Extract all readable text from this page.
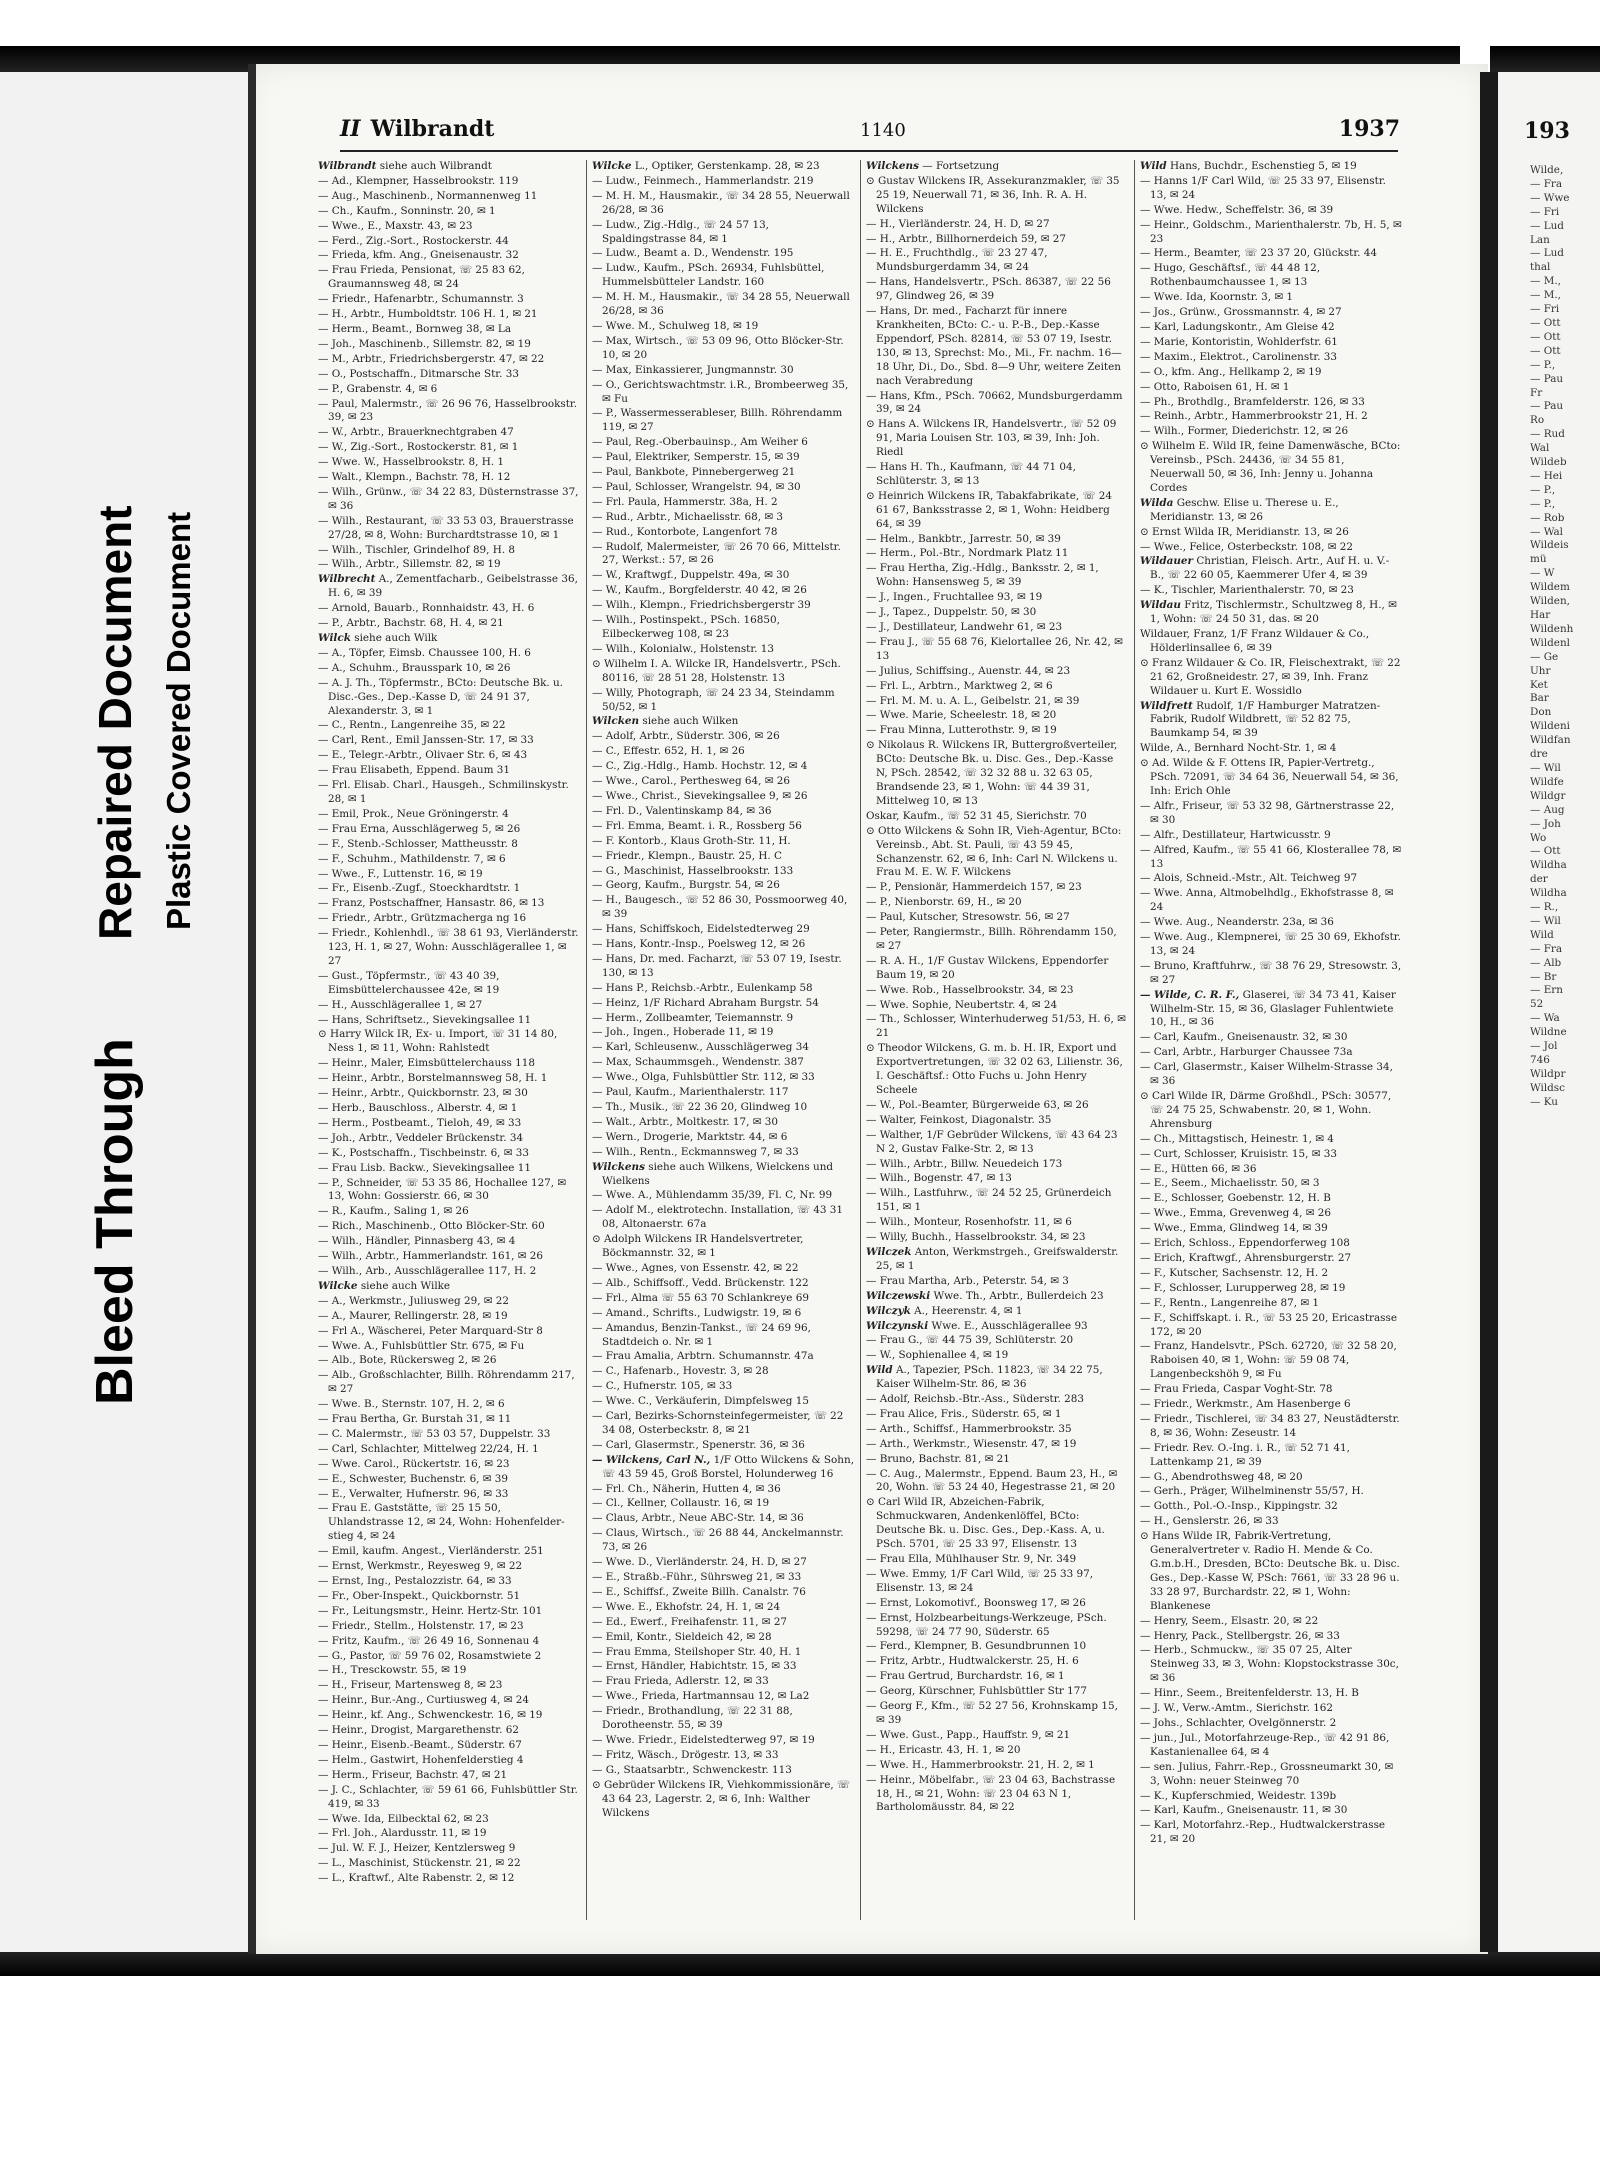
Bleed Through
Repaired Document Plastic Covered Document
II Wilbrandt	1140	1937
Wilbrandt siehe auch Wilbrandt
— Ad., Klempner, Hasselbrookstr. 119
— Aug., Maschinenb., Normannenweg 11
— Ch., Kaufm., Sonninstr. 20, ✉ 1
— Wwe., E., Maxstr. 43, ✉ 23
— Ferd., Zig.-Sort., Rostockerstr. 44
— Frieda, kfm. Ang., Gneisenaustr. 32
— Frau Frieda, Pensionat, ☏ 25 83 62, Graumannsweg 48, ✉ 24
— Friedr., Hafenarbtr., Schumannstr. 3
— H., Arbtr., Humboldtstr. 106 H. 1, ✉ 21
— Herm., Beamt., Bornweg 38, ✉ La
— Joh., Maschinenb., Sillemstr. 82, ✉ 19
— M., Arbtr., Friedrichsbergerstr. 47, ✉ 22
— O., Postschaffn., Ditmarsche Str. 33
— P., Grabenstr. 4, ✉ 6
— Paul, Malermstr., ☏ 26 96 76, Hasselbrookstr. 39, ✉ 23
— W., Arbtr., Brauerknechtgraben 47
— W., Zig.-Sort., Rostockerstr. 81, ✉ 1
— Wwe. W., Hasselbrookstr. 8, H. 1
— Walt., Klempn., Bachstr. 78, H. 12
— Wilh., Grünw., ☏ 34 22 83, Düsternstrasse 37, ✉ 36
— Wilh., Restaurant, ☏ 33 53 03, Brauerstrasse 27/28, ✉ 8, Wohn: Burchardtstrasse 10, ✉ 1
— Wilh., Tischler, Grindelhof 89, H. 8
— Wilh., Arbtr., Sillemstr. 82, ✉ 19
Wilbrecht A., Zementfacharb., Geibelstrasse 36, H. 6, ✉ 39
— Arnold, Bauarb., Ronnhaidstr. 43, H. 6
— P., Arbtr., Bachstr. 68, H. 4, ✉ 21
Wilck siehe auch Wilk
— A., Töpfer, Eimsb. Chaussee 100, H. 6
— A., Schuhm., Brausspark 10, ✉ 26
— A. J. Th., Töpfermstr., BCto: Deutsche Bk. u. Disc.-Ges., Dep.-Kasse D, ☏ 24 91 37, Alexanderstr. 3, ✉ 1
— C., Rentn., Langenreihe 35, ✉ 22
— Carl, Rent., Emil Janssen-Str. 17, ✉ 33
— E., Telegr.-Arbtr., Olivaer Str. 6, ✉ 43
— Frau Elisabeth, Eppend. Baum 31
— Frl. Elisab. Charl., Hausgeh., Schmilinskystr. 28, ✉ 1
— Emil, Prok., Neue Gröningerstr. 4
— Frau Erna, Ausschlägerweg 5, ✉ 26
— F., Stenb.-Schlosser, Mattheusstr. 8
— F., Schuhm., Mathildenstr. 7, ✉ 6
— Wwe., F., Luttenstr. 16, ✉ 19
— Fr., Eisenb.-Zugf., Stoeckhardtstr. 1
— Franz, Postschaffner, Hansastr. 86, ✉ 13
— Friedr., Arbtr., Grützmacherga ng 16
— Friedr., Kohlenhdl., ☏ 38 61 93, Vierländerstr. 123, H. 1, ✉ 27, Wohn: Ausschlägerallee 1, ✉ 27
— Gust., Töpfermstr., ☏ 43 40 39, Eimsbüttelerchaussee 42e, ✉ 19
— H., Ausschlägerallee 1, ✉ 27
— Hans, Schriftsetz., Sievekingsallee 11
⊙ Harry Wilck IR, Ex- u. Import, ☏ 31 14 80, Ness 1, ✉ 11, Wohn: Rahlstedt
— Heinr., Maler, Eimsbüttelerchauss 118
— Heinr., Arbtr., Borstelmannsweg 58, H. 1
— Heinr., Arbtr., Quickbornstr. 23, ✉ 30
— Herb., Bauschloss., Alberstr. 4, ✉ 1
— Herm., Postbeamt., Tieloh, 49, ✉ 33
— Joh., Arbtr., Veddeler Brückenstr. 34
— K., Postschaffn., Tischbeinstr. 6, ✉ 33
— Frau Lisb. Backw., Sievekingsallee 11
— P., Schneider, ☏ 53 35 86, Hochallee 127, ✉ 13, Wohn: Gossierstr. 66, ✉ 30
— R., Kaufm., Saling 1, ✉ 26
— Rich., Maschinenb., Otto Blöcker-Str. 60
— Wilh., Händler, Pinnasberg 43, ✉ 4
— Wilh., Arbtr., Hammerlandstr. 161, ✉ 26
— Wilh., Arb., Ausschlägerallee 117, H. 2
Wilcke siehe auch Wilke
— A., Werkmstr., Juliusweg 29, ✉ 22
— A., Maurer, Rellingerstr. 28, ✉ 19
— Frl A., Wäscherei, Peter Marquard-Str 8
— Wwe. A., Fuhlsbüttler Str. 675, ✉ Fu
— Alb., Bote, Rückersweg 2, ✉ 26
— Alb., Großschlachter, Billh. Röhrendamm 217, ✉ 27
— Wwe. B., Sternstr. 107, H. 2, ✉ 6
— Frau Bertha, Gr. Burstah 31, ✉ 11
— C. Malermstr., ☏ 53 03 57, Duppelstr. 33
— Carl, Schlachter, Mittelweg 22/24, H. 1
— Wwe. Carol., Rückertstr. 16, ✉ 23
— E., Schwester, Buchenstr. 6, ✉ 39
— E., Verwalter, Hufnerstr. 96, ✉ 33
— Frau E. Gaststätte, ☏ 25 15 50, Uhlandstrasse 12, ✉ 24, Wohn: Hohenfelder-stieg 4, ✉ 24
— Emil, kaufm. Angest., Vierländerstr. 251
— Ernst, Werkmstr., Reyesweg 9, ✉ 22
— Ernst, Ing., Pestalozzistr. 64, ✉ 33
— Fr., Ober-Inspekt., Quickbornstr. 51
— Fr., Leitungsmstr., Heinr. Hertz-Str. 101
— Friedr., Stellm., Holstenstr. 17, ✉ 23
— Fritz, Kaufm., ☏ 26 49 16, Sonnenau 4
— G., Pastor, ☏ 59 76 02, Rosamstwiete 2
— H., Tresckowstr. 55, ✉ 19
— H., Friseur, Martensweg 8, ✉ 23
— Heinr., Bur.-Ang., Curtiusweg 4, ✉ 24
— Heinr., kf. Ang., Schwenckestr. 16, ✉ 19
— Heinr., Drogist, Margarethenstr. 62
— Heinr., Eisenb.-Beamt., Süderstr. 67
— Helm., Gastwirt, Hohenfelderstieg 4
— Herm., Friseur, Bachstr. 47, ✉ 21
— J. C., Schlachter, ☏ 59 61 66, Fuhlsbüttler Str. 419, ✉ 33
— Wwe. Ida, Eilbecktal 62, ✉ 23
— Frl. Joh., Alardusstr. 11, ✉ 19
— Jul. W. F. J., Heizer, Kentzlersweg 9
— L., Maschinist, Stückenstr. 21, ✉ 22
— L., Kraftwf., Alte Rabenstr. 2, ✉ 12
Wilcke L., Optiker, Gerstenkamp. 28, ✉ 23
— Ludw., Feinmech., Hammerlandstr. 219
— M. H. M., Hausmakir., ☏ 34 28 55, Neuerwall 26/28, ✉ 36
— Ludw., Zig.-Hdlg., ☏ 24 57 13, Spaldingstrasse 84, ✉ 1
— Ludw., Beamt a. D., Wendenstr. 195
— Ludw., Kaufm., PSch. 26934, Fuhlsbüttel, Hummelsbütteler Landstr. 160
— M. H. M., Hausmakir., ☏ 34 28 55, Neuerwall 26/28, ✉ 36
— Wwe. M., Schulweg 18, ✉ 19
— Max, Wirtsch., ☏ 53 09 96, Otto Blöcker-Str. 10, ✉ 20
— Max, Einkassierer, Jungmannstr. 30
— O., Gerichtswachtmstr. i.R., Brombeerweg 35, ✉ Fu
— P., Wassermesserableser, Billh. Röhrendamm 119, ✉ 27
— Paul, Reg.-Oberbauinsp., Am Weiher 6
— Paul, Elektriker, Semperstr. 15, ✉ 39
— Paul, Bankbote, Pinnebergerweg 21
— Paul, Schlosser, Wrangelstr. 94, ✉ 30
— Frl. Paula, Hammerstr. 38a, H. 2
— Rud., Arbtr., Michaelisstr. 68, ✉ 3
— Rud., Kontorbote, Langenfort 78
— Rudolf, Malermeister, ☏ 26 70 66, Mittelstr. 27, Werkst.: 57, ✉ 26
— W., Kraftwgf., Duppelstr. 49a, ✉ 30
— W., Kaufm., Borgfelderstr. 40 42, ✉ 26
— Wilh., Klempn., Friedrichsbergerstr 39
— Wilh., Postinspekt., PSch. 16850, Eilbeckerweg 108, ✉ 23
— Wilh., Kolonialw., Holstenstr. 13
⊙ Wilhelm I. A. Wilcke IR, Handelsvertr., PSch. 80116, ☏ 28 51 28, Holstenstr. 13
— Willy, Photograph, ☏ 24 23 34, Steindamm 50/52, ✉ 1
Wilcken siehe auch Wilken
— Adolf, Arbtr., Süderstr. 306, ✉ 26
— C., Effestr. 652, H. 1, ✉ 26
— C., Zig.-Hdlg., Hamb. Hochstr. 12, ✉ 4
— Wwe., Carol., Perthesweg 64, ✉ 26
— Wwe., Christ., Sievekingsallee 9, ✉ 26
— Frl. D., Valentinskamp 84, ✉ 36
— Frl. Emma, Beamt. i. R., Rossberg 56
— F. Kontorb., Klaus Groth-Str. 11, H.
— Friedr., Klempn., Baustr. 25, H. C
— G., Maschinist, Hasselbrookstr. 133
— Georg, Kaufm., Burgstr. 54, ✉ 26
— H., Baugesch., ☏ 52 86 30, Possmoorweg 40, ✉ 39
— Hans, Schiffskoch, Eidelstedterweg 29
— Hans, Kontr.-Insp., Poelsweg 12, ✉ 26
— Hans, Dr. med. Facharzt, ☏ 53 07 19, Isestr. 130, ✉ 13
— Hans P., Reichsb.-Arbtr., Eulenkamp 58
— Heinz, 1/F Richard Abraham Burgstr. 54
— Herm., Zollbeamter, Teiemannstr. 9
— Joh., Ingen., Hoberade 11, ✉ 19
— Karl, Schleusenw., Ausschlägerweg 34
— Max, Schaummsgeh., Wendenstr. 387
— Wwe., Olga, Fuhlsbüttler Str. 112, ✉ 33
— Paul, Kaufm., Marienthalerstr. 117
— Th., Musik., ☏ 22 36 20, Glindweg 10
— Walt., Arbtr., Moltkestr. 17, ✉ 30
— Wern., Drogerie, Marktstr. 44, ✉ 6
— Wilh., Rentn., Eckmannsweg 7, ✉ 33
Wilckens siehe auch Wilkens, Wielckens und Wielkens
— Wwe. A., Mühlendamm 35/39, Fl. C, Nr. 99
— Adolf M., elektrotechn. Installation, ☏ 43 31 08, Altonaerstr. 67a
⊙ Adolph Wilckens IR Handelsvertreter, Böckmannstr. 32, ✉ 1
— Wwe., Agnes, von Essenstr. 42, ✉ 22
— Alb., Schiffsoff., Vedd. Brückenstr. 122
— Frl., Alma ☏ 55 63 70 Schlankreye 69
— Amand., Schrifts., Ludwigstr. 19, ✉ 6
— Amandus, Benzin-Tankst., ☏ 24 69 96, Stadtdeich o. Nr. ✉ 1
— Frau Amalia, Arbtrn. Schumannstr. 47a
— C., Hafenarb., Hovestr. 3, ✉ 28
— C., Hufnerstr. 105, ✉ 33
— Wwe. C., Verkäuferin, Dimpfelsweg 15
— Carl, Bezirks-Schornsteinfegermeister, ☏ 22 34 08, Osterbeckstr. 8, ✉ 21
— Carl, Glasermstr., Spenerstr. 36, ✉ 36
— Wilckens, Carl N., 1/F Otto Wilckens & Sohn, ☏ 43 59 45, Groß Borstel, Holunderweg 16
— Frl. Ch., Näherin, Hutten 4, ✉ 36
— Cl., Kellner, Collaustr. 16, ✉ 19
— Claus, Arbtr., Neue ABC-Str. 14, ✉ 36
— Claus, Wirtsch., ☏ 26 88 44, Anckelmannstr. 73, ✉ 26
— Wwe. D., Vierländerstr. 24, H. D, ✉ 27
— E., Straßb.-Führ., Sührsweg 21, ✉ 33
— E., Schiffsf., Zweite Billh. Canalstr. 76
— Wwe. E., Ekhofstr. 24, H. 1, ✉ 24
— Ed., Ewerf., Freihafenstr. 11, ✉ 27
— Emil, Kontr., Sieldeich 42, ✉ 28
— Frau Emma, Steilshoper Str. 40, H. 1
— Ernst, Händler, Habichtstr. 15, ✉ 33
— Frau Frieda, Adlerstr. 12, ✉ 33
— Wwe., Frieda, Hartmannsau 12, ✉ La2
— Friedr., Brothandlung, ☏ 22 31 88, Dorotheenstr. 55, ✉ 39
— Wwe. Friedr., Eidelstedterweg 97, ✉ 19
— Fritz, Wäsch., Drögestr. 13, ✉ 33
— G., Staatsarbtr., Schwenckestr. 113
⊙ Gebrüder Wilckens IR, Viehkommissionäre, ☏ 43 64 23, Lagerstr. 2, ✉ 6, Inh: Walther Wilckens
Wilckens — Fortsetzung
⊙ Gustav Wilckens IR, Assekuranzmakler, ☏ 35 25 19, Neuerwall 71, ✉ 36, Inh. R. A. H. Wilckens
— H., Vierländerstr. 24, H. D, ✉ 27
— H., Arbtr., Billhornerdeich 59, ✉ 27
— H. E., Fruchthdlg., ☏ 23 27 47, Mundsburgerdamm 34, ✉ 24
— Hans, Handelsvertr., PSch. 86387, ☏ 22 56 97, Glindweg 26, ✉ 39
— Hans, Dr. med., Facharzt für innere Krankheiten, BCto: C.- u. P.-B., Dep.-Kasse Eppendorf, PSch. 82814, ☏ 53 07 19, Isestr. 130, ✉ 13, Sprechst: Mo., Mi., Fr. nachm. 16—18 Uhr, Di., Do., Sbd. 8—9 Uhr, weitere Zeiten nach Verabredung
— Hans, Kfm., PSch. 70662, Mundsburgerdamm 39, ✉ 24
⊙ Hans A. Wilckens IR, Handelsvertr., ☏ 52 09 91, Maria Louisen Str. 103, ✉ 39, Inh: Joh. Riedl
— Hans H. Th., Kaufmann, ☏ 44 71 04, Schlüterstr. 3, ✉ 13
⊙ Heinrich Wilckens IR, Tabakfabrikate, ☏ 24 61 67, Banksstrasse 2, ✉ 1, Wohn: Heidberg 64, ✉ 39
— Helm., Bankbtr., Jarrestr. 50, ✉ 39
— Herm., Pol.-Btr., Nordmark Platz 11
— Frau Hertha, Zig.-Hdlg., Banksstr. 2, ✉ 1, Wohn: Hansensweg 5, ✉ 39
— J., Ingen., Fruchtallee 93, ✉ 19
— J., Tapez., Duppelstr. 50, ✉ 30
— J., Destillateur, Landwehr 61, ✉ 23
— Frau J., ☏ 55 68 76, Kielortallee 26, Nr. 42, ✉ 13
— Julius, Schiffsing., Auenstr. 44, ✉ 23
— Frl. L., Arbtrn., Marktweg 2, ✉ 6
— Frl. M. M. u. A. L., Geibelstr. 21, ✉ 39
— Wwe. Marie, Scheelestr. 18, ✉ 20
— Frau Minna, Lutterothstr. 9, ✉ 19
⊙ Nikolaus R. Wilckens IR, Buttergroßverteiler, BCto: Deutsche Bk. u. Disc. Ges., Dep.-Kasse N, PSch. 28542, ☏ 32 32 88 u. 32 63 05, Brandsende 23, ✉ 1, Wohn: ☏ 44 39 31, Mittelweg 10, ✉ 13
Oskar, Kaufm., ☏ 52 31 45, Sierichstr. 70
⊙ Otto Wilckens & Sohn IR, Vieh-Agentur, BCto: Vereinsb., Abt. St. Pauli, ☏ 43 59 45, Schanzenstr. 62, ✉ 6, Inh: Carl N. Wilckens u. Frau M. E. W. F. Wilckens
— P., Pensionär, Hammerdeich 157, ✉ 23
— P., Nienborstr. 69, H., ✉ 20
— Paul, Kutscher, Stresowstr. 56, ✉ 27
— Peter, Rangiermstr., Billh. Röhrendamm 150, ✉ 27
— R. A. H., 1/F Gustav Wilckens, Eppendorfer Baum 19, ✉ 20
— Wwe. Rob., Hasselbrookstr. 34, ✉ 23
— Wwe. Sophie, Neubertstr. 4, ✉ 24
— Th., Schlosser, Winterhuderweg 51/53, H. 6, ✉ 21
⊙ Theodor Wilckens, G. m. b. H. IR, Export und Exportvertretungen, ☏ 32 02 63, Lilienstr. 36, I. Geschäftsf.: Otto Fuchs u. John Henry Scheele
— W., Pol.-Beamter, Bürgerweide 63, ✉ 26
— Walter, Feinkost, Diagonalstr. 35
— Walther, 1/F Gebrüder Wilckens, ☏ 43 64 23 N 2, Gustav Falke-Str. 2, ✉ 13
— Wilh., Arbtr., Billw. Neuedeich 173
— Wilh., Bogenstr. 47, ✉ 13
— Wilh., Lastfuhrw., ☏ 24 52 25, Grünerdeich 151, ✉ 1
— Wilh., Monteur, Rosenhofstr. 11, ✉ 6
— Willy, Buchh., Hasselbrookstr. 34, ✉ 23
Wilczek Anton, Werkmstrgeh., Greifswalderstr. 25, ✉ 1
— Frau Martha, Arb., Peterstr. 54, ✉ 3
Wilczewski Wwe. Th., Arbtr., Bullerdeich 23
Wilczyk A., Heerenstr. 4, ✉ 1
Wilczynski Wwe. E., Ausschlägerallee 93
— Frau G., ☏ 44 75 39, Schlüterstr. 20
— W., Sophienallee 4, ✉ 19
Wild A., Tapezier, PSch. 11823, ☏ 34 22 75, Kaiser Wilhelm-Str. 86, ✉ 36
— Adolf, Reichsb.-Btr.-Ass., Süderstr. 283
— Frau Alice, Fris., Süderstr. 65, ✉ 1
— Arth., Schiffsf., Hammerbrookstr. 35
— Arth., Werkmstr., Wiesenstr. 47, ✉ 19
— Bruno, Bachstr. 81, ✉ 21
— C. Aug., Malermstr., Eppend. Baum 23, H., ✉ 20, Wohn. ☏ 53 24 40, Hegestrasse 21, ✉ 20
⊙ Carl Wild IR, Abzeichen-Fabrik, Schmuckwaren, Andenkenlöffel, BCto: Deutsche Bk. u. Disc. Ges., Dep.-Kass. A, u. PSch. 5701, ☏ 25 33 97, Elisenstr. 13
— Frau Ella, Mühlhauser Str. 9, Nr. 349
— Wwe. Emmy, 1/F Carl Wild, ☏ 25 33 97, Elisenstr. 13, ✉ 24
— Ernst, Lokomotivf., Boonsweg 17, ✉ 26
— Ernst, Holzbearbeitungs-Werkzeuge, PSch. 59298, ☏ 24 77 90, Süderstr. 65
— Ferd., Klempner, B. Gesundbrunnen 10
— Fritz, Arbtr., Hudtwalckerstr. 25, H. 6
— Frau Gertrud, Burchardstr. 16, ✉ 1
— Georg, Kürschner, Fuhlsbüttler Str 177
— Georg F., Kfm., ☏ 52 27 56, Krohnskamp 15, ✉ 39
— Wwe. Gust., Papp., Hauffstr. 9, ✉ 21
— H., Ericastr. 43, H. 1, ✉ 20
— Wwe. H., Hammerbrookstr. 21, H. 2, ✉ 1
— Heinr., Möbelfabr., ☏ 23 04 63, Bachstrasse 18, H., ✉ 21, Wohn: ☏ 23 04 63 N 1, Bartholomäusstr. 84, ✉ 22
Wild Hans, Buchdr., Eschenstieg 5, ✉ 19
— Hanns 1/F Carl Wild, ☏ 25 33 97, Elisenstr. 13, ✉ 24
— Wwe. Hedw., Scheffelstr. 36, ✉ 39
— Heinr., Goldschm., Marienthalerstr. 7b, H. 5, ✉ 23
— Herm., Beamter, ☏ 23 37 20, Glückstr. 44
— Hugo, Geschäftsf., ☏ 44 48 12, Rothenbaumchaussee 1, ✉ 13
— Wwe. Ida, Koornstr. 3, ✉ 1
— Jos., Grünw., Grossmannstr. 4, ✉ 27
— Karl, Ladungskontr., Am Gleise 42
— Marie, Kontoristin, Wohlderfstr. 61
— Maxim., Elektrot., Carolinenstr. 33
— O., kfm. Ang., Hellkamp 2, ✉ 19
— Otto, Raboisen 61, H. ✉ 1
— Ph., Brothdlg., Bramfelderstr. 126, ✉ 33
— Reinh., Arbtr., Hammerbrookstr 21, H. 2
— Wilh., Former, Diederichstr. 12, ✉ 26
⊙ Wilhelm E. Wild IR, feine Damenwäsche, BCto: Vereinsb., PSch. 24436, ☏ 34 55 81, Neuerwall 50, ✉ 36, Inh: Jenny u. Johanna Cordes
Wilda Geschw. Elise u. Therese u. E., Meridianstr. 13, ✉ 26
⊙ Ernst Wilda IR, Meridianstr. 13, ✉ 26
— Wwe., Felice, Osterbeckstr. 108, ✉ 22
Wildauer Christian, Fleisch. Artr., Auf H. u. V.-B., ☏ 22 60 05, Kaemmerer Ufer 4, ✉ 39
— K., Tischler, Marienthalerstr. 70, ✉ 23
Wildau Fritz, Tischlermstr., Schultzweg 8, H., ✉ 1, Wohn: ☏ 24 50 31, das. ✉ 20
Wildauer, Franz, 1/F Franz Wildauer & Co., Hölderlinsallee 6, ✉ 39
⊙ Franz Wildauer & Co. IR, Fleischextrakt, ☏ 22 21 62, Großneidestr. 27, ✉ 39, Inh. Franz Wildauer u. Kurt E. Wossidlo
Wildfrett Rudolf, 1/F Hamburger Matratzen-Fabrik, Rudolf Wildbrett, ☏ 52 82 75, Baumkamp 54, ✉ 39
Wilde, A., Bernhard Nocht-Str. 1, ✉ 4
⊙ Ad. Wilde & F. Ottens IR, Papier-Vertretg., PSch. 72091, ☏ 34 64 36, Neuerwall 54, ✉ 36, Inh: Erich Ohle
— Alfr., Friseur, ☏ 53 32 98, Gärtnerstrasse 22, ✉ 30
— Alfr., Destillateur, Hartwicusstr. 9
— Alfred, Kaufm., ☏ 55 41 66, Klosterallee 78, ✉ 13
— Alois, Schneid.-Mstr., Alt. Teichweg 97
— Wwe. Anna, Altmobelhdlg., Ekhofstrasse 8, ✉ 24
— Wwe. Aug., Neanderstr. 23a, ✉ 36
— Wwe. Aug., Klempnerei, ☏ 25 30 69, Ekhofstr. 13, ✉ 24
— Bruno, Kraftfuhrw., ☏ 38 76 29, Stresowstr. 3, ✉ 27
— Wilde, C. R. F., Glaserei, ☏ 34 73 41, Kaiser Wilhelm-Str. 15, ✉ 36, Glaslager Fuhlentwiete 10, H., ✉ 36
— Carl, Kaufm., Gneisenaustr. 32, ✉ 30
— Carl, Arbtr., Harburger Chaussee 73a
— Carl, Glasermstr., Kaiser Wilhelm-Strasse 34, ✉ 36
⊙ Carl Wilde IR, Därme Großhdl., PSch: 30577, ☏ 24 75 25, Schwabenstr. 20, ✉ 1, Wohn. Ahrensburg
— Ch., Mittagstisch, Heinestr. 1, ✉ 4
— Curt, Schlosser, Kruisistr. 15, ✉ 33
— E., Hütten 66, ✉ 36
— E., Seem., Michaelisstr. 50, ✉ 3
— E., Schlosser, Goebenstr. 12, H. B
— Wwe., Emma, Grevenweg 4, ✉ 26
— Wwe., Emma, Glindweg 14, ✉ 39
— Erich, Schloss., Eppendorferweg 108
— Erich, Kraftwgf., Ahrensburgerstr. 27
— F., Kutscher, Sachsenstr. 12, H. 2
— F., Schlosser, Lurupperweg 28, ✉ 19
— F., Rentn., Langenreihe 87, ✉ 1
— F., Schiffskapt. i. R., ☏ 53 25 20, Ericastrasse 172, ✉ 20
— Franz, Handelsvtr., PSch. 62720, ☏ 32 58 20, Raboisen 40, ✉ 1, Wohn: ☏ 59 08 74, Langenbeckshöh 9, ✉ Fu
— Frau Frieda, Caspar Voght-Str. 78
— Friedr., Werkmstr., Am Hasenberge 6
— Friedr., Tischlerei, ☏ 34 83 27, Neustädterstr. 8, ✉ 36, Wohn: Zeseustr. 14
— Friedr. Rev. O.-Ing. i. R., ☏ 52 71 41, Lattenkamp 21, ✉ 39
— G., Abendrothsweg 48, ✉ 20
— Gerh., Präger, Wilhelminenstr 55/57, H.
— Gotth., Pol.-O.-Insp., Kippingstr. 32
— H., Genslerstr. 26, ✉ 33
⊙ Hans Wilde IR, Fabrik-Vertretung, Generalvertreter v. Radio H. Mende & Co. G.m.b.H., Dresden, BCto: Deutsche Bk. u. Disc. Ges., Dep.-Kasse W, PSch: 7661, ☏ 33 28 96 u. 33 28 97, Burchardstr. 22, ✉ 1, Wohn: Blankenese
— Henry, Seem., Elsastr. 20, ✉ 22
— Henry, Pack., Stellbergstr. 26, ✉ 33
— Herb., Schmuckw., ☏ 35 07 25, Alter Steinweg 33, ✉ 3, Wohn: Klopstockstrasse 30c, ✉ 36
— Hinr., Seem., Breitenfelderstr. 13, H. B
— J. W., Verw.-Amtm., Sierichstr. 162
— Johs., Schlachter, Ovelgönnerstr. 2
— jun., Jul., Motorfahrzeuge-Rep., ☏ 42 91 86, Kastanienallee 64, ✉ 4
— sen. Julius, Fahrr.-Rep., Grossneumarkt 30, ✉ 3, Wohn: neuer Steinweg 70
— K., Kupferschmied, Weidestr. 139b
— Karl, Kaufm., Gneisenaustr. 11, ✉ 30
— Karl, Motorfahrz.-Rep., Hudtwalckerstrasse 21, ✉ 20
193
Wilde,
— Fra
— Wwe
— Fri
— Lud
Lan
— Lud
thal
— M.,
— M.,
— Fri
— Ott
— Ott
— Ott
— P.,
— Pau
Fr
— Pau
Ro
— Rud
Wal
Wildeb
— Hei
— P.,
— P.,
— Rob
— Wal
Wildeis
mü
— W
Wildem
Wilden,
Har
Wildenh
Wildenl
— Ge
Uhr
Ket
Bar
Don
Wildeni
Wildfan
dre
— Wil
Wildfe
Wildgr
— Aug
— Joh
Wo
— Ott
Wildha
der
Wildha
— R.,
— Wil
Wild
— Fra
— Alb
— Br
— Ern
52
— Wa
Wildne
— Jol
746
Wildpr
Wildsc
— Ku
